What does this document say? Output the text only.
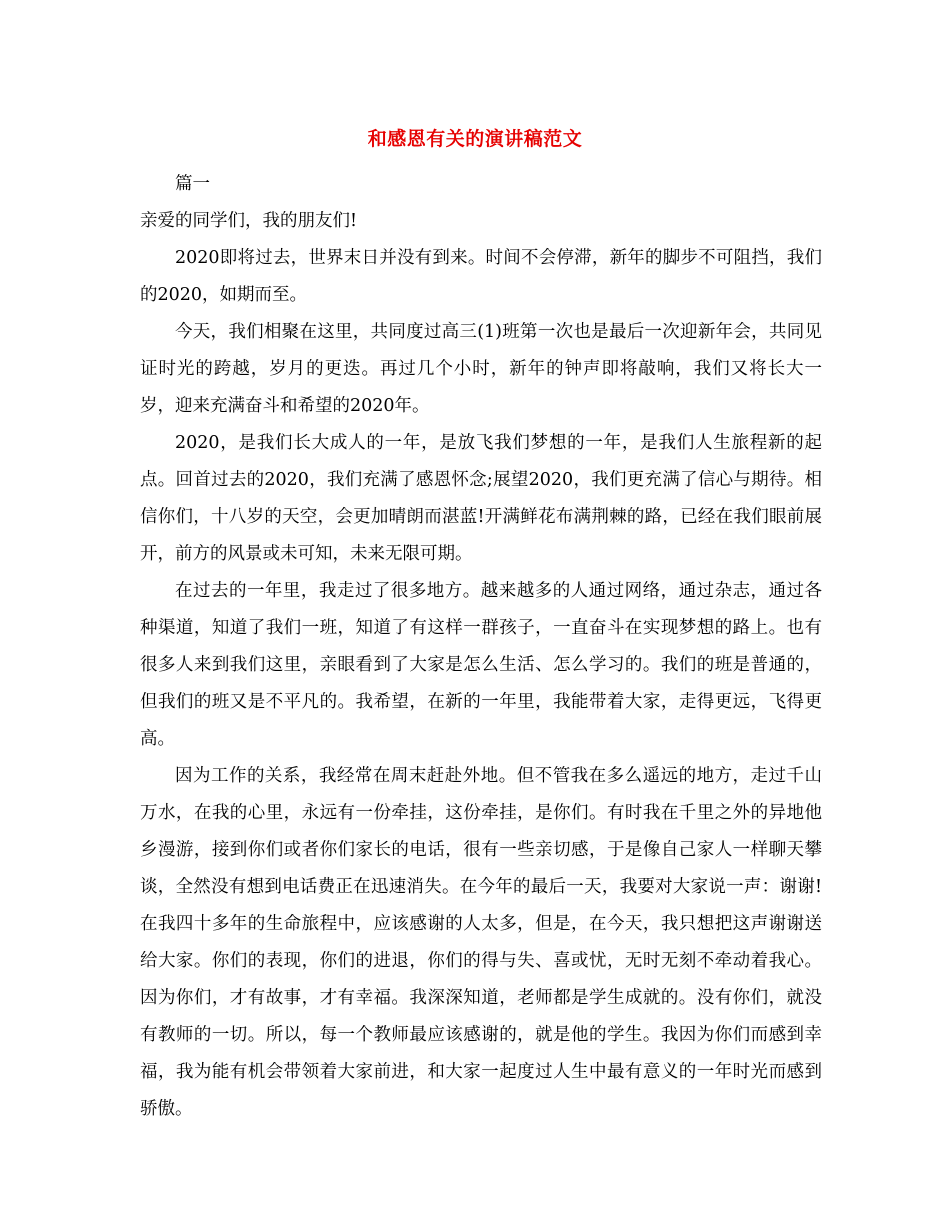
和感恩有关的演讲稿范文
篇一

亲爱的同学们，我的朋友们!

2020即将过去，世界末日并没有到来。时间不会停滞，新年的脚步不可阻挡，我们的2020，如期而至。

今天，我们相聚在这里，共同度过高三(1)班第一次也是最后一次迎新年会，共同见证时光的跨越，岁月的更迭。再过几个小时，新年的钟声即将敲响，我们又将长大一岁，迎来充满奋斗和希望的2020年。

2020，是我们长大成人的一年，是放飞我们梦想的一年，是我们人生旅程新的起点。回首过去的2020，我们充满了感恩怀念;展望2020，我们更充满了信心与期待。相信你们，十八岁的天空，会更加晴朗而湛蓝!开满鲜花布满荆棘的路，已经在我们眼前展开，前方的风景或未可知，未来无限可期。

在过去的一年里，我走过了很多地方。越来越多的人通过网络，通过杂志，通过各种渠道，知道了我们一班，知道了有这样一群孩子，一直奋斗在实现梦想的路上。也有很多人来到我们这里，亲眼看到了大家是怎么生活、怎么学习的。我们的班是普通的，但我们的班又是不平凡的。我希望，在新的一年里，我能带着大家，走得更远，飞得更高。

因为工作的关系，我经常在周末赶赴外地。但不管我在多么遥远的地方，走过千山万水，在我的心里，永远有一份牵挂，这份牵挂，是你们。有时我在千里之外的异地他乡漫游，接到你们或者你们家长的电话，很有一些亲切感，于是像自己家人一样聊天攀谈，全然没有想到电话费正在迅速消失。在今年的最后一天，我要对大家说一声：谢谢!在我四十多年的生命旅程中，应该感谢的人太多，但是，在今天，我只想把这声谢谢送给大家。你们的表现，你们的进退，你们的得与失、喜或忧，无时无刻不牵动着我心。因为你们，才有故事，才有幸福。我深深知道，老师都是学生成就的。没有你们，就没有教师的一切。所以，每一个教师最应该感谢的，就是他的学生。我因为你们而感到幸福，我为能有机会带领着大家前进，和大家一起度过人生中最有意义的一年时光而感到骄傲。
